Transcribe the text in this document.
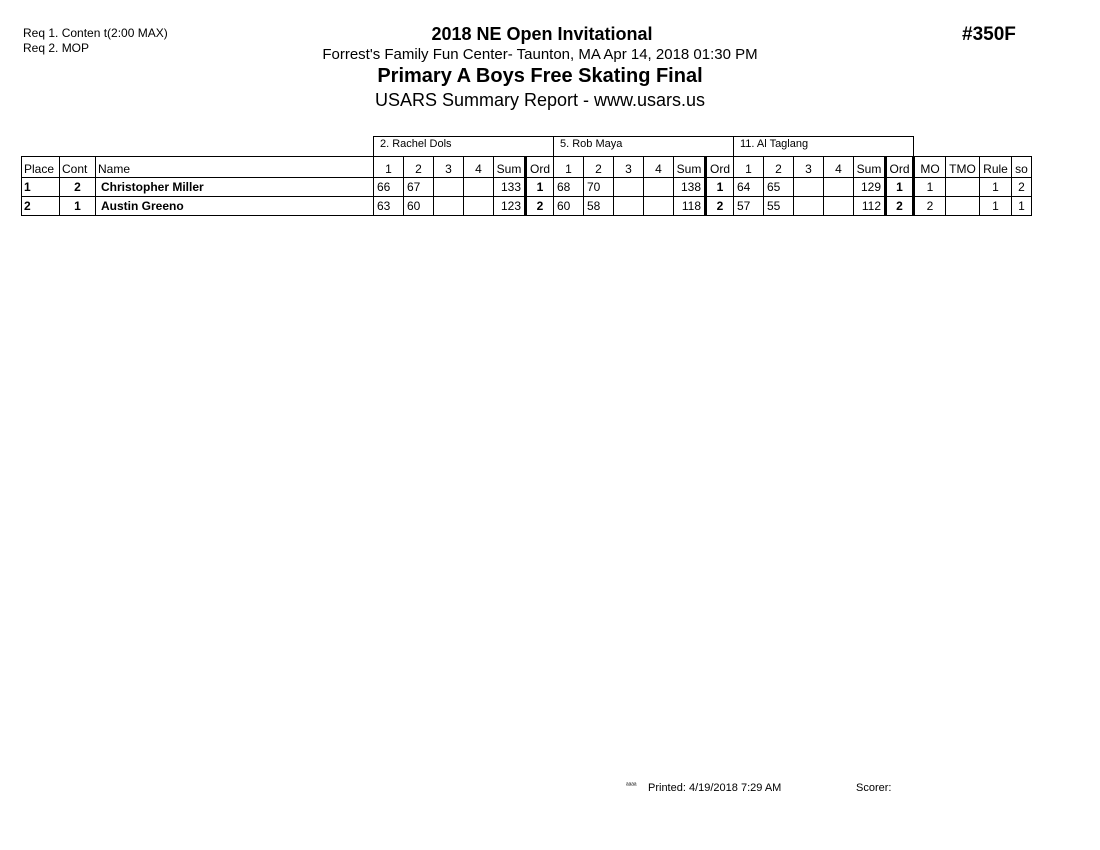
Req 1. Conten t(2:00 MAX)
Req 2. MOP
2018 NE Open Invitational
Forrest's Family Fun Center- Taunton, MA Apr 14, 2018 01:30 PM
Primary A Boys Free Skating Final
USARS Summary Report - www.usars.us
#350F
			2. Rachel Dols						5. Rob Maya						11. Al Taglang									
Place	Cont	Name	1	2	3	4	Sum	Ord	1	2	3	4	Sum	Ord	1	2	3	4	Sum	Ord	MO	TMO	Rule	so
1	2	Christopher Miller	66	67			133	1	68	70			138	1	64	65			129	1	1		1	2
2	1	Austin Greeno	63	60			123	2	60	58			118	2	57	55			112	2	2		1	1
ᵃᵃᵃᵃ Printed: 4/19/2018 7:29 AM	Scorer:
